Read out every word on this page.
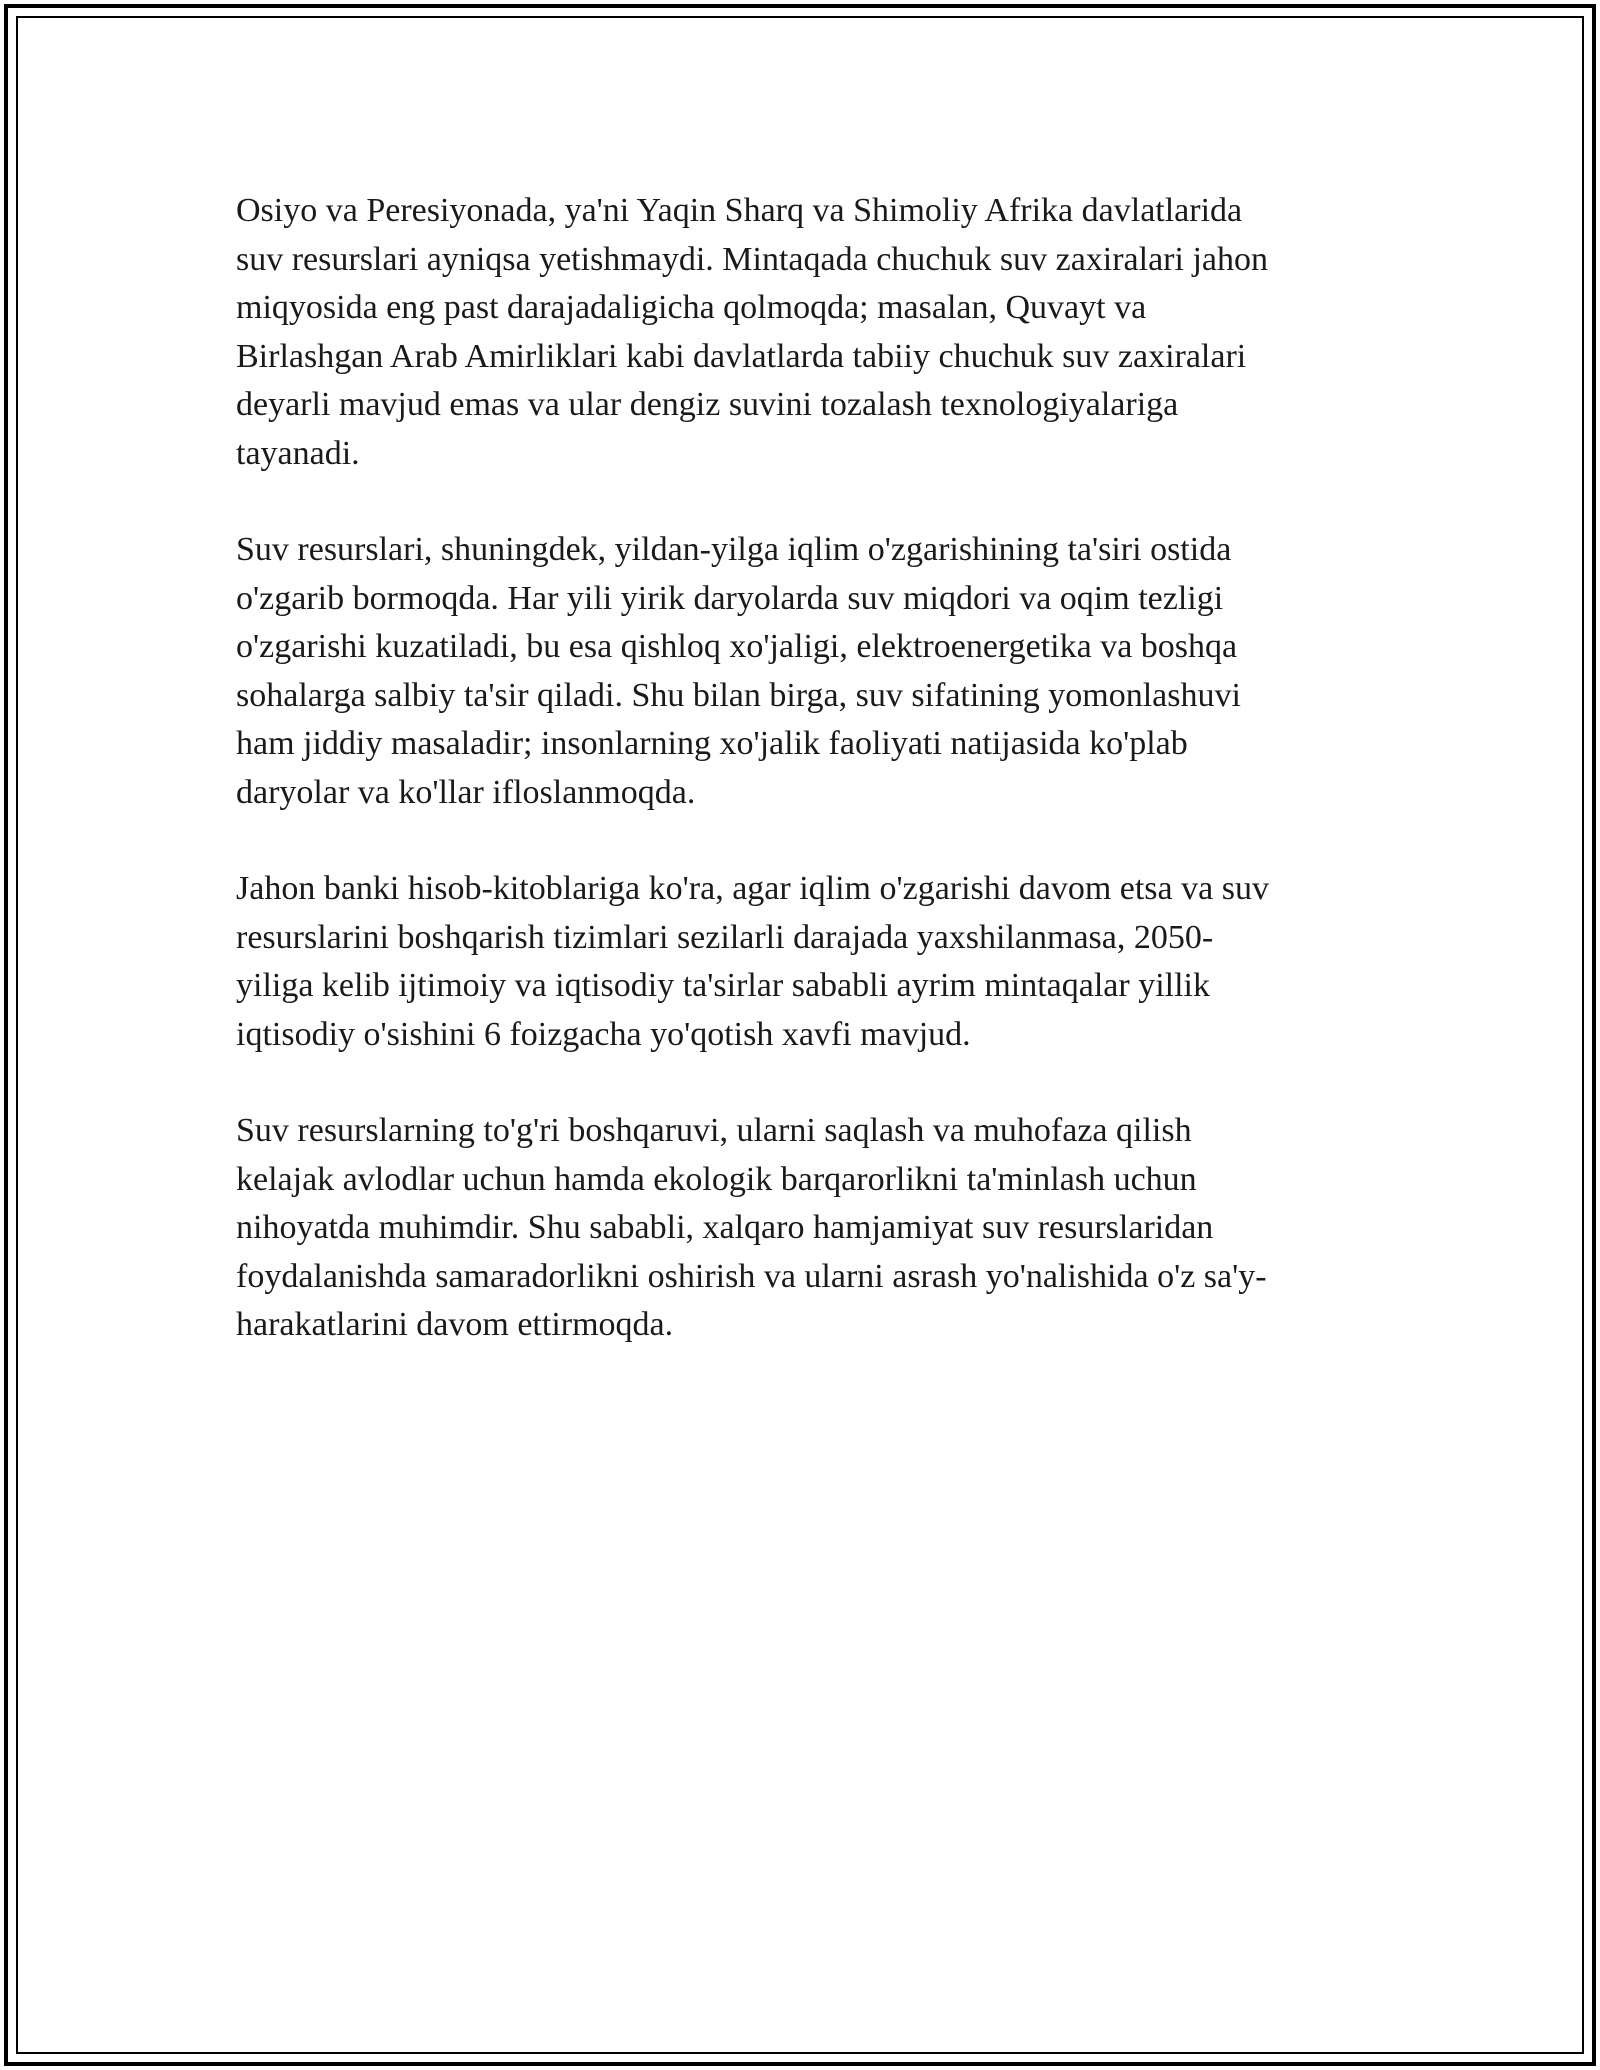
Osiyo va Peresiyonada, ya'ni Yaqin Sharq va Shimoliy Afrika davlatlarida
suv resurslari ayniqsa yetishmaydi. Mintaqada chuchuk suv zaxiralari jahon
miqyosida eng past darajadaligicha qolmoqda; masalan, Quvayt va
Birlashgan Arab Amirliklari kabi davlatlarda tabiiy chuchuk suv zaxiralari
deyarli mavjud emas va ular dengiz suvini tozalash texnologiyalariga
tayanadi.

Suv resurslari, shuningdek, yildan-yilga iqlim o'zgarishining ta'siri ostida
o'zgarib bormoqda. Har yili yirik daryolarda suv miqdori va oqim tezligi
o'zgarishi kuzatiladi, bu esa qishloq xo'jaligi, elektroenergetika va boshqa
sohalarga salbiy ta'sir qiladi. Shu bilan birga, suv sifatining yomonlashuvi
ham jiddiy masaladir; insonlarning xo'jalik faoliyati natijasida ko'plab
daryolar va ko'llar ifloslanmoqda.

Jahon banki hisob-kitoblariga ko'ra, agar iqlim o'zgarishi davom etsa va suv
resurslarini boshqarish tizimlari sezilarli darajada yaxshilanmasa, 2050-
yiliga kelib ijtimoiy va iqtisodiy ta'sirlar sababli ayrim mintaqalar yillik
iqtisodiy o'sishini 6 foizgacha yo'qotish xavfi mavjud.

Suv resurslarning to'g'ri boshqaruvi, ularni saqlash va muhofaza qilish
kelajak avlodlar uchun hamda ekologik barqarorlikni ta'minlash uchun
nihoyatda muhimdir. Shu sababli, xalqaro hamjamiyat suv resurslaridan
foydalanishda samaradorlikni oshirish va ularni asrash yo'nalishida o'z sa'y-
harakatlarini davom ettirmoqda.
